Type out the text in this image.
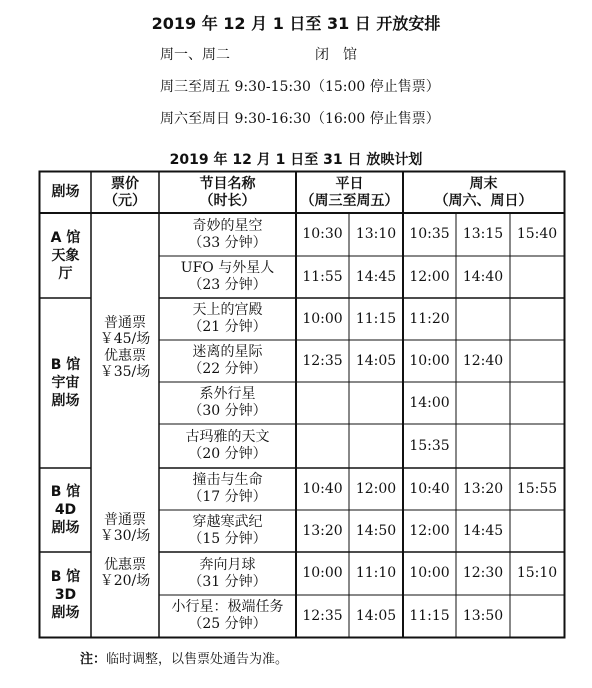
2019 年 12 月 1 日至 31 日 开放安排
周一、周二	闭　馆
周三至周五 9:30-15:30（15:00 停止售票）
周六至周日 9:30-16:30（16:00 停止售票）
2019 年 12 月 1 日至 31 日 放映计划
剧场
票价
（元）
节目名称
（时长）
平日
（周三至周五）
周末
（周六、周日）
A 馆
天象
厅
B 馆
宇宙
剧场
B 馆
4D
剧场
B 馆
3D
剧场
普通票
￥45/场
优惠票
￥35/场
普通票
￥30/场
优惠票
￥20/场
奇妙的星空
（33 分钟）
10:30 13:10 10:35 13:15 15:40
UFO 与外星人
（23 分钟）
11:55 14:45 12:00 14:40
天上的宫殿
（21 分钟）
10:00 11:15 11:20
迷离的星际
（22 分钟）
12:35 14:05 10:00 12:40
系外行星
（30 分钟）
14:00
古玛雅的天文
（20 分钟）
15:35
撞击与生命
（17 分钟）
10:40 12:00 10:40 13:20 15:55
穿越寒武纪
（15 分钟）
13:20 14:50 12:00 14:45
奔向月球
（31 分钟）
10:00 11:10 10:00 12:30 15:10
小行星：极端任务
（25 分钟）
12:35 14:05 11:15 13:50
注：临时调整，以售票处通告为准。
